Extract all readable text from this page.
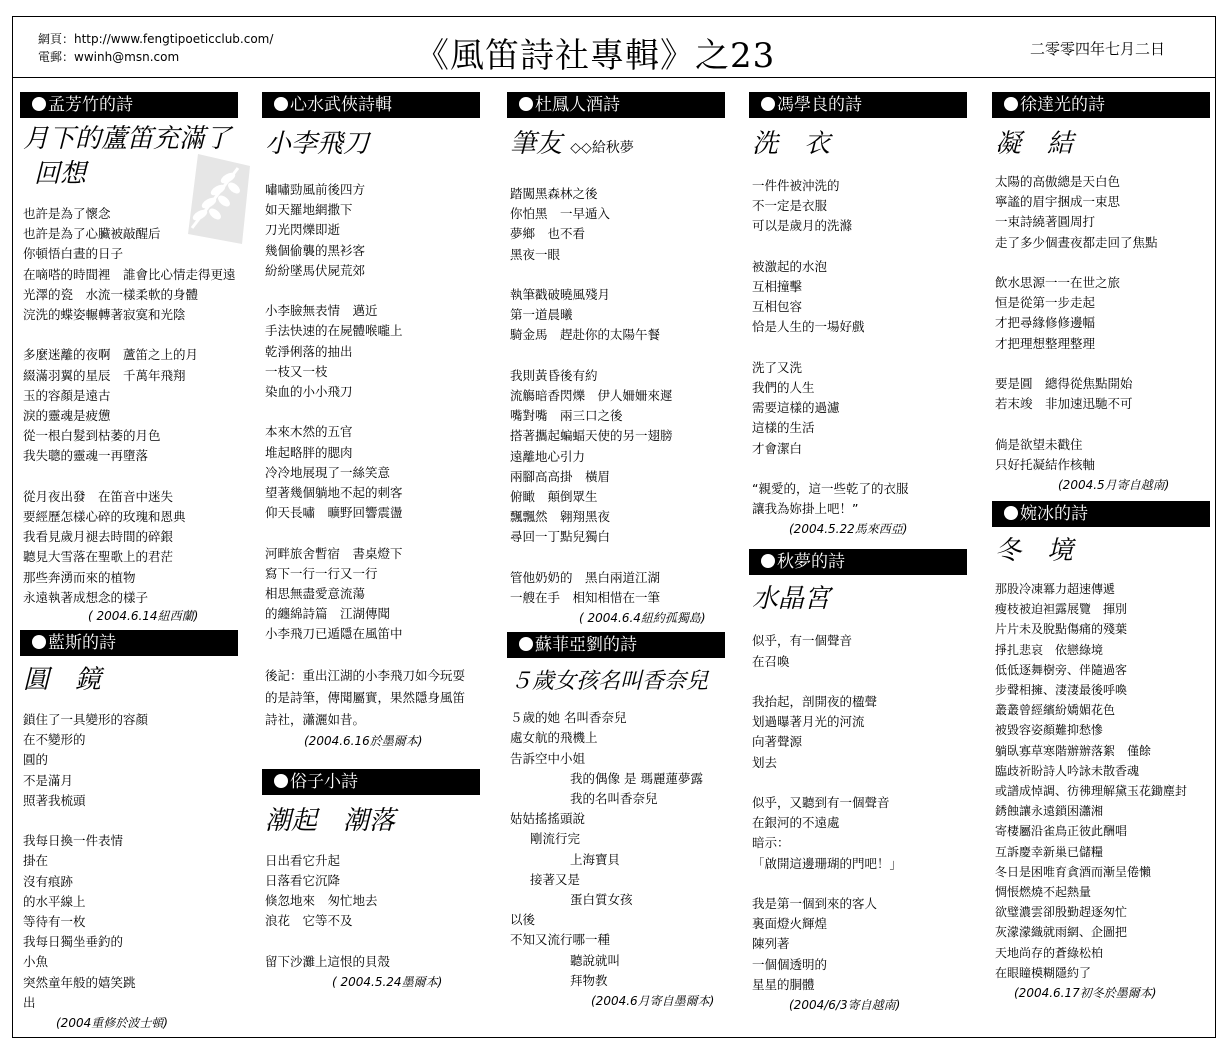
網頁：http://www.fengtipoeticclub.com/
電郵：wwinh@msn.com	《風笛詩社專輯》之23	二零零四年七月二日
孟芳竹的詩
月下的蘆笛充滿了
回想
也許是為了懷念
也許是為了心臟被敲醒后
你頓悟白晝的日子
在嘀嗒的時間裡　誰會比心情走得更遠
光澤的瓷　水流一樣柔軟的身體
浣洗的蝶姿輾轉著寂寞和光陰

多麼迷離的夜啊　蘆笛之上的月
綴滿羽翼的星辰　千萬年飛翔
玉的容顏是遠古
淚的靈魂是疲憊
從一根白髮到枯萎的月色
我失聰的靈魂一再墮落

從月夜出發　在笛音中迷失
要經歷怎樣心碎的玫瑰和恩典
我看見歲月褪去時間的碎銀
聽見大雪落在聖歌上的君茫
那些奔湧而來的植物
永遠執著成想念的樣子
( 2004.6.14紐西蘭)
藍斯的詩
圓　鏡
鎖住了一具變形的容顏
在不變形的
圓的
不是滿月
照著我梳頭

我每日換一件表情
掛在
沒有痕跡
的水平線上
等待有一枚
我每日獨坐垂釣的
小魚
突然童年般的嬉笑跳
出
(2004重修於波士頓)
心水武俠詩輯
小李飛刀
嘯嘯勁風前後四方
如天羅地網撒下
刀光閃爍即逝
幾個偷襲的黑衫客
紛紛墜馬伏屍荒郊

小李臉無表情　邁近
手法快速的在屍體喉嚨上
乾淨俐落的抽出
一枝又一枝
染血的小小飛刀

本來木然的五官
堆起略胖的腮肉
冷冷地展現了一絲笑意
望著幾個躺地不起的刺客
仰天長嘯　曠野回響震盪

河畔旅舍暫宿　書桌燈下
寫下一行一行又一行
相思無盡愛意流蕩
的纏綿詩篇　江湖傳聞
小李飛刀已遁隱在風笛中
後記：重出江湖的小李飛刀如今玩耍的是詩筆，傳聞屬實，果然隱身風笛詩社，瀟灑如昔。
(2004.6.16於墨爾本)
俗子小詩
潮起　潮落
日出看它升起
日落看它沉降
倏忽地來　匆忙地去
浪花　它等不及

留下沙灘上這恨的貝殼
( 2004.5.24墨爾本)
杜鳳人酒詩
筆友 ◇◇給秋夢
踏闖黑森林之後
你怕黑　一早遁入
夢鄉　也不看
黑夜一眼

執筆戳破曉風殘月
第一道晨曦
騎金馬　趕赴你的太陽午餐

我則黃昏後有約
流觴暗香閃爍　伊人姍姍來遲
嘴對嘴　兩三口之後
搭著攜起蝙蝠天使的另一翅膀
遠離地心引力
兩腳高高掛　橫眉
俯瞰　顛倒眾生
飄飄然　翱翔黑夜
尋回一丁點兒獨白

管他奶奶的　黑白兩道江湖
一艘在手　相知相惜在一筆
( 2004.6.4紐約孤獨島)
蘇菲亞劉的詩
５歲女孩名叫香奈兒
５歲的她 名叫香奈兒
處女航的飛機上
告訴空中小姐
我的偶像 是 瑪麗蓮夢露
我的名叫香奈兒
姑姑搖搖頭說
剛流行完
上海寶貝
接著又是
蛋白質女孩
以後
不知又流行哪一種
聽說就叫
拜物教
(2004.6月寄自墨爾本)
馮學良的詩
洗　衣
一件件被沖洗的
不一定是衣服
可以是歲月的洗滌

被激起的水泡
互相撞擊
互相包容
恰是人生的一場好戲

洗了又洗
我們的人生
需要這樣的過濾
這樣的生活
才會潔白

“親愛的，這一些乾了的衣服
讓我為妳掛上吧！”
(2004.5.22馬來西亞)
秋夢的詩
水晶宮
似乎，有一個聲音
在召喚

我抬起，剖開夜的楹聲
划過曝著月光的河流
向著聲源
划去

似乎，又聽到有一個聲音
在銀河的不遠處
暗示：
「啟開這邊珊瑚的門吧！」

我是第一個到來的客人
裏面燈火輝煌
陳列著
一個個透明的
星星的胴體
(2004/6/3寄自越南)
徐達光的詩
凝　結
太陽的高傲總是天白色
寧謐的眉宇捆成一束思
一束詩繞著圓周打
走了多少個晝夜都走回了焦點

飲水思源一一在世之旅
恒是從第一步走起
才把尋緣修修邊幅
才把理想整理整理

要是圓　總得從焦點開始
若末竣　非加速迅馳不可

倘是欲望未戳住
只好托凝結作核軸
(2004.5月寄自越南)
婉冰的詩
冬　境
那股冷凍冪力超速傳遞
瘦枝被迫袒露展覽　揮別
片片未及脫點傷痛的殘葉
掙扎悲哀　依戀綠境
低低逐舞樹旁、伴隨過客
步聲相擁、淒淒最後呼喚
叢叢曾經繽紛嬌媚花色
被毀容姿顏難抑愁慘
躺臥寡草寒階辦辦落絮　僅餘
臨歧祈盼詩人吟詠未散香魂
或譜成悼調、彷彿理解黛玉花鋤塵封
銹蝕讓永遠鎖困瀟湘
寄棲屬沿雀鳥正彼此酬唱
互訴慶幸新巢已儲糧
冬日是困唯育貪酒而漸呈倦懶
惆悵燃燒不起熱量
欲璧濃雲卻殷勤趕逐匆忙
灰濛濛織就雨網、企圖把
天地尚存的蒼綠松柏
在眼瞳模糊隱約了
(2004.6.17初冬於墨爾本)
